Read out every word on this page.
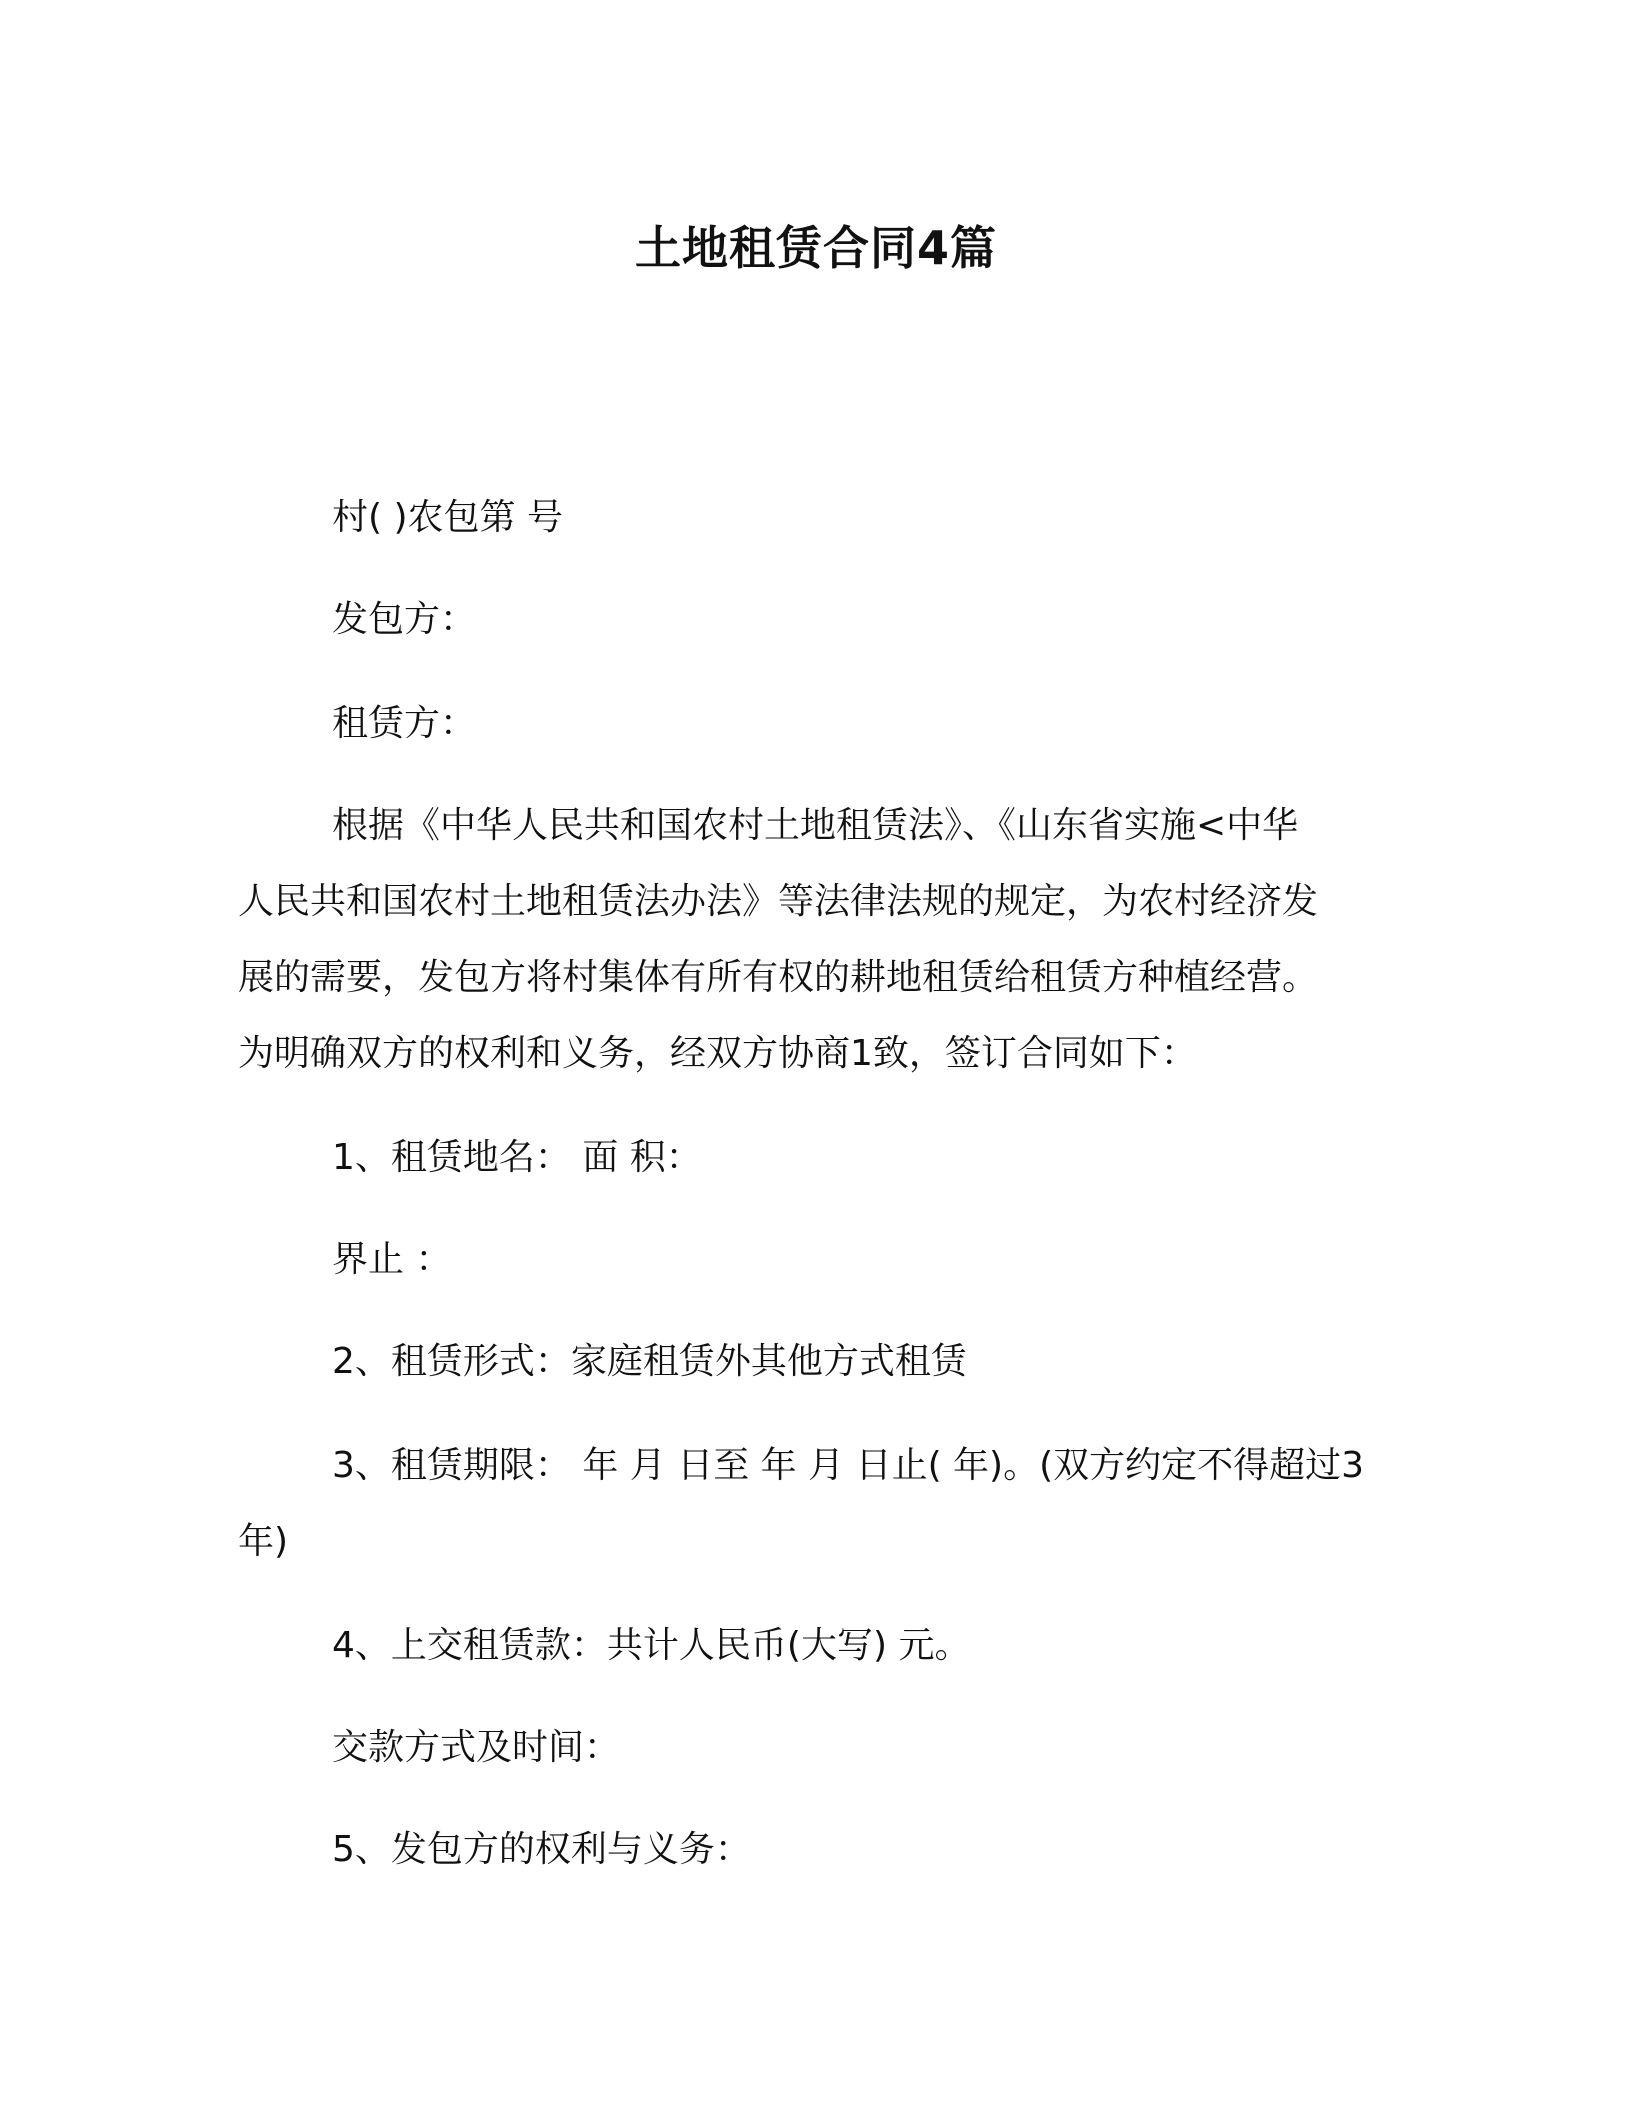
土地租赁合同4篇
村( )农包第 号
发包方：
租赁方：
根据《中华人民共和国农村土地租赁法》、《山东省实施<中华
人民共和国农村土地租赁法办法》等法律法规的规定，为农村经济发
展的需要，发包方将村集体有所有权的耕地租赁给租赁方种植经营。
为明确双方的权利和义务，经双方协商1致，签订合同如下：
1、租赁地名： 面 积：
界止 ：
2、租赁形式：家庭租赁外其他方式租赁
3、租赁期限： 年 月 日至 年 月 日止( 年)。(双方约定不得超过3
年)
4、上交租赁款：共计人民币(大写) 元。
交款方式及时间：
5、发包方的权利与义务：
